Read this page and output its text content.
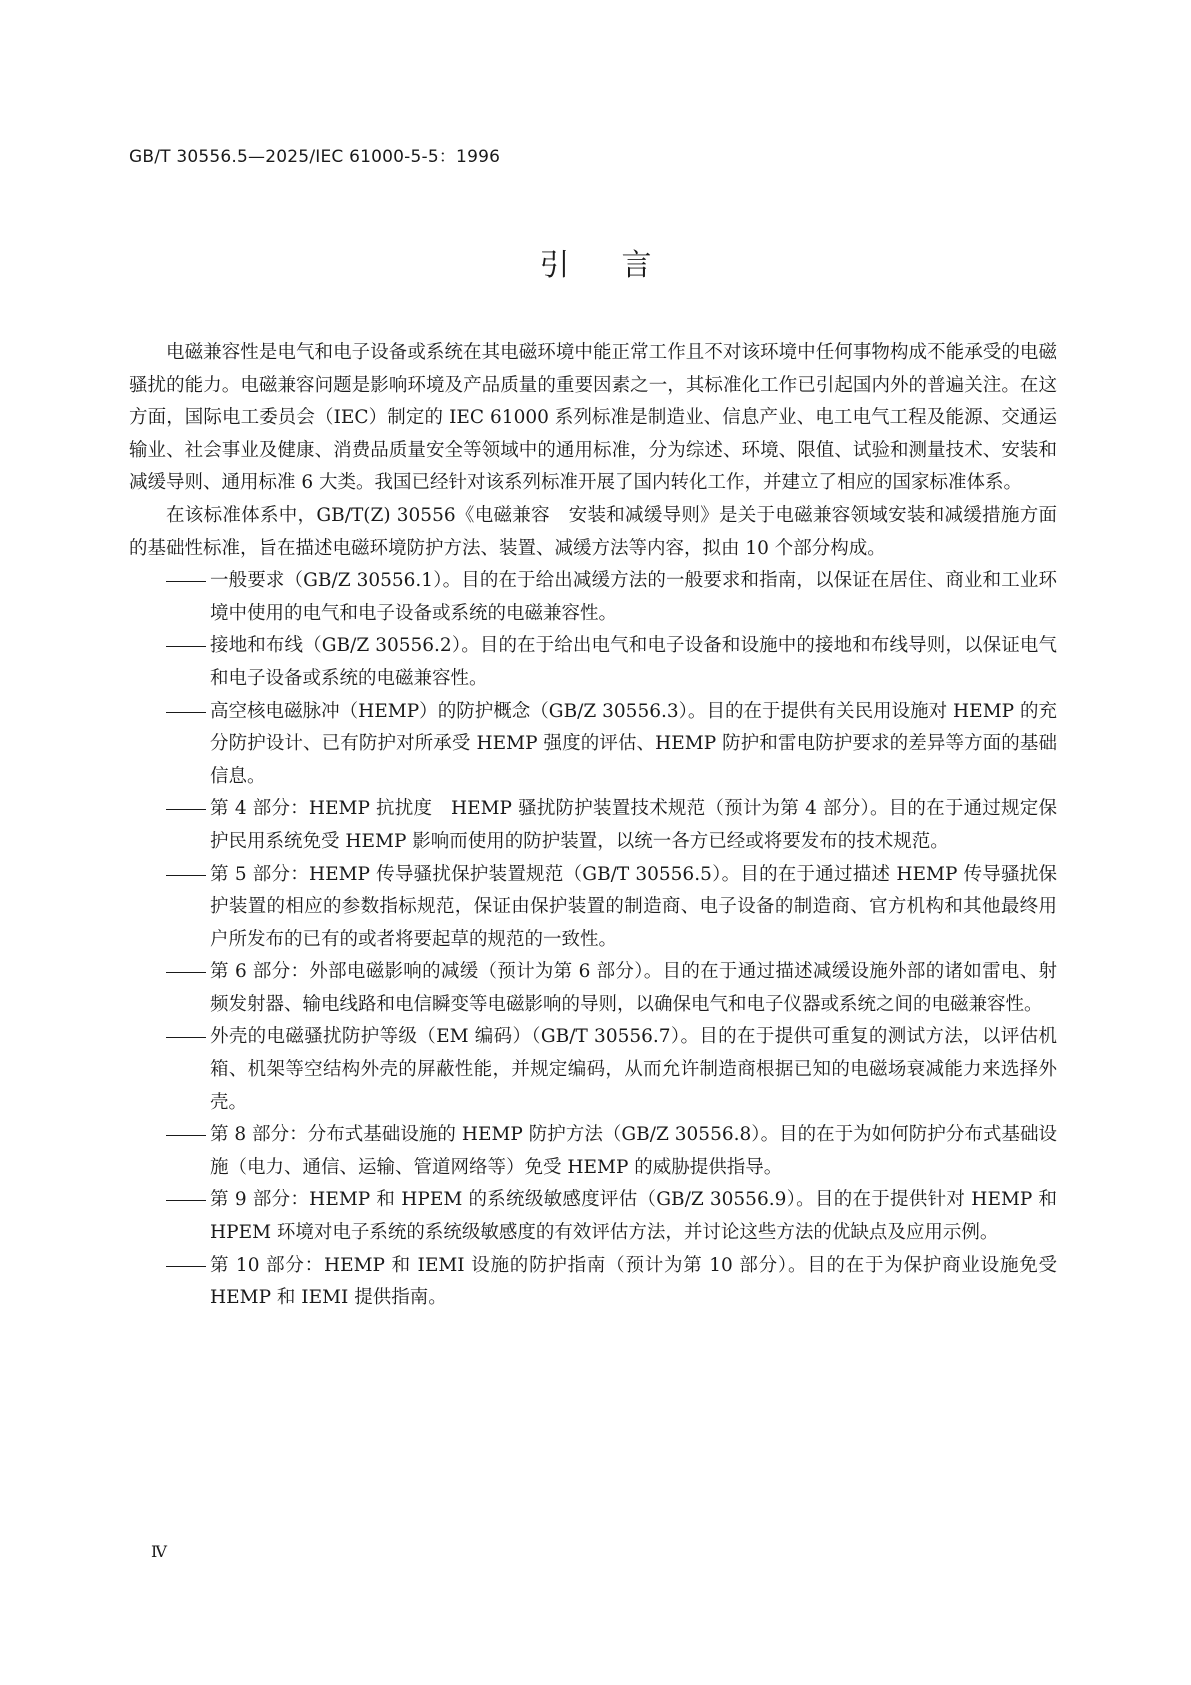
GB/T 30556.5—2025/IEC 61000-5-5：1996
引言

电磁兼容性是电气和电子设备或系统在其电磁环境中能正常工作且不对该环境中任何事物构成不能承受的电磁骚扰的能力。电磁兼容问题是影响环境及产品质量的重要因素之一，其标准化工作已引起国内外的普遍关注。在这方面，国际电工委员会（IEC）制定的 IEC 61000 系列标准是制造业、信息产业、电工电气工程及能源、交通运输业、社会事业及健康、消费品质量安全等领域中的通用标准，分为综述、环境、限值、试验和测量技术、安装和减缓导则、通用标准 6 大类。我国已经针对该系列标准开展了国内转化工作，并建立了相应的国家标准体系。

在该标准体系中，GB/T(Z) 30556《电磁兼容　安装和减缓导则》是关于电磁兼容领域安装和减缓措施方面的基础性标准，旨在描述电磁环境防护方法、装置、减缓方法等内容，拟由 10 个部分构成。

一般要求（GB/Z 30556.1）。目的在于给出减缓方法的一般要求和指南，以保证在居住、商业和工业环境中使用的电气和电子设备或系统的电磁兼容性。
接地和布线（GB/Z 30556.2）。目的在于给出电气和电子设备和设施中的接地和布线导则，以保证电气和电子设备或系统的电磁兼容性。
高空核电磁脉冲（HEMP）的防护概念（GB/Z 30556.3）。目的在于提供有关民用设施对 HEMP 的充分防护设计、已有防护对所承受 HEMP 强度的评估、HEMP 防护和雷电防护要求的差异等方面的基础信息。
第 4 部分：HEMP 抗扰度　HEMP 骚扰防护装置技术规范（预计为第 4 部分）。目的在于通过规定保护民用系统免受 HEMP 影响而使用的防护装置，以统一各方已经或将要发布的技术规范。
第 5 部分：HEMP 传导骚扰保护装置规范（GB/T 30556.5）。目的在于通过描述 HEMP 传导骚扰保护装置的相应的参数指标规范，保证由保护装置的制造商、电子设备的制造商、官方机构和其他最终用户所发布的已有的或者将要起草的规范的一致性。
第 6 部分：外部电磁影响的减缓（预计为第 6 部分）。目的在于通过描述减缓设施外部的诸如雷电、射频发射器、输电线路和电信瞬变等电磁影响的导则，以确保电气和电子仪器或系统之间的电磁兼容性。
外壳的电磁骚扰防护等级（EM 编码）（GB/T 30556.7）。目的在于提供可重复的测试方法，以评估机箱、机架等空结构外壳的屏蔽性能，并规定编码，从而允许制造商根据已知的电磁场衰减能力来选择外壳。
第 8 部分：分布式基础设施的 HEMP 防护方法（GB/Z 30556.8）。目的在于为如何防护分布式基础设施（电力、通信、运输、管道网络等）免受 HEMP 的威胁提供指导。
第 9 部分：HEMP 和 HPEM 的系统级敏感度评估（GB/Z 30556.9）。目的在于提供针对 HEMP 和 HPEM 环境对电子系统的系统级敏感度的有效评估方法，并讨论这些方法的优缺点及应用示例。
第 10 部分：HEMP 和 IEMI 设施的防护指南（预计为第 10 部分）。目的在于为保护商业设施免受 HEMP 和 IEMI 提供指南。
Ⅳ
